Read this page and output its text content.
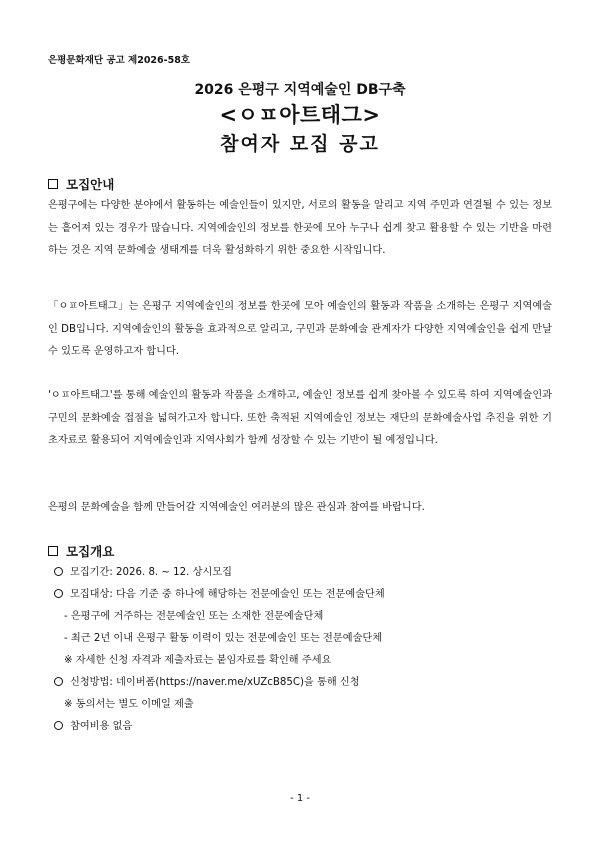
은평문화재단 공고 제2026-58호
2026 은평구 지역예술인 DB구축
<ㅇㅍ아트태그>
참여자 모집 공고
모집안내
은평구에는 다양한 분야에서 활동하는 예술인들이 있지만, 서로의 활동을 알리고 지역 주민과 연결될 수 있는 정보는 흩어져 있는 경우가 많습니다. 지역예술인의 정보를 한곳에 모아 누구나 쉽게 찾고 활용할 수 있는 기반을 마련하는 것은 지역 문화예술 생태계를 더욱 활성화하기 위한 중요한 시작입니다.
「ㅇㅍ아트태그」는 은평구 지역예술인의 정보를 한곳에 모아 예술인의 활동과 작품을 소개하는 은평구 지역예술인 DB입니다. 지역예술인의 활동을 효과적으로 알리고, 구민과 문화예술 관계자가 다양한 지역예술인을 쉽게 만날 수 있도록 운영하고자 합니다.
'ㅇㅍ아트태그'를 통해 예술인의 활동과 작품을 소개하고, 예술인 정보를 쉽게 찾아볼 수 있도록 하여 지역예술인과 구민의 문화예술 접점을 넓혀가고자 합니다. 또한 축적된 지역예술인 정보는 재단의 문화예술사업 추진을 위한 기초자료로 활용되어 지역예술인과 지역사회가 함께 성장할 수 있는 기반이 될 예정입니다.
은평의 문화예술을 함께 만들어갈 지역예술인 여러분의 많은 관심과 참여를 바랍니다.
모집개요
모집기간: 2026. 8. ~ 12. 상시모집
모집대상: 다음 기준 중 하나에 해당하는 전문예술인 또는 전문예술단체
- 은평구에 거주하는 전문예술인 또는 소재한 전문예술단체
- 최근 2년 이내 은평구 활동 이력이 있는 전문예술인 또는 전문예술단체
※ 자세한 신청 자격과 제출자료는 붙임자료를 확인해 주세요
신청방법: 네이버폼(https://naver.me/xUZcB85C)을 통해 신청
※ 동의서는 별도 이메일 제출
참여비용 없음
- 1 -
